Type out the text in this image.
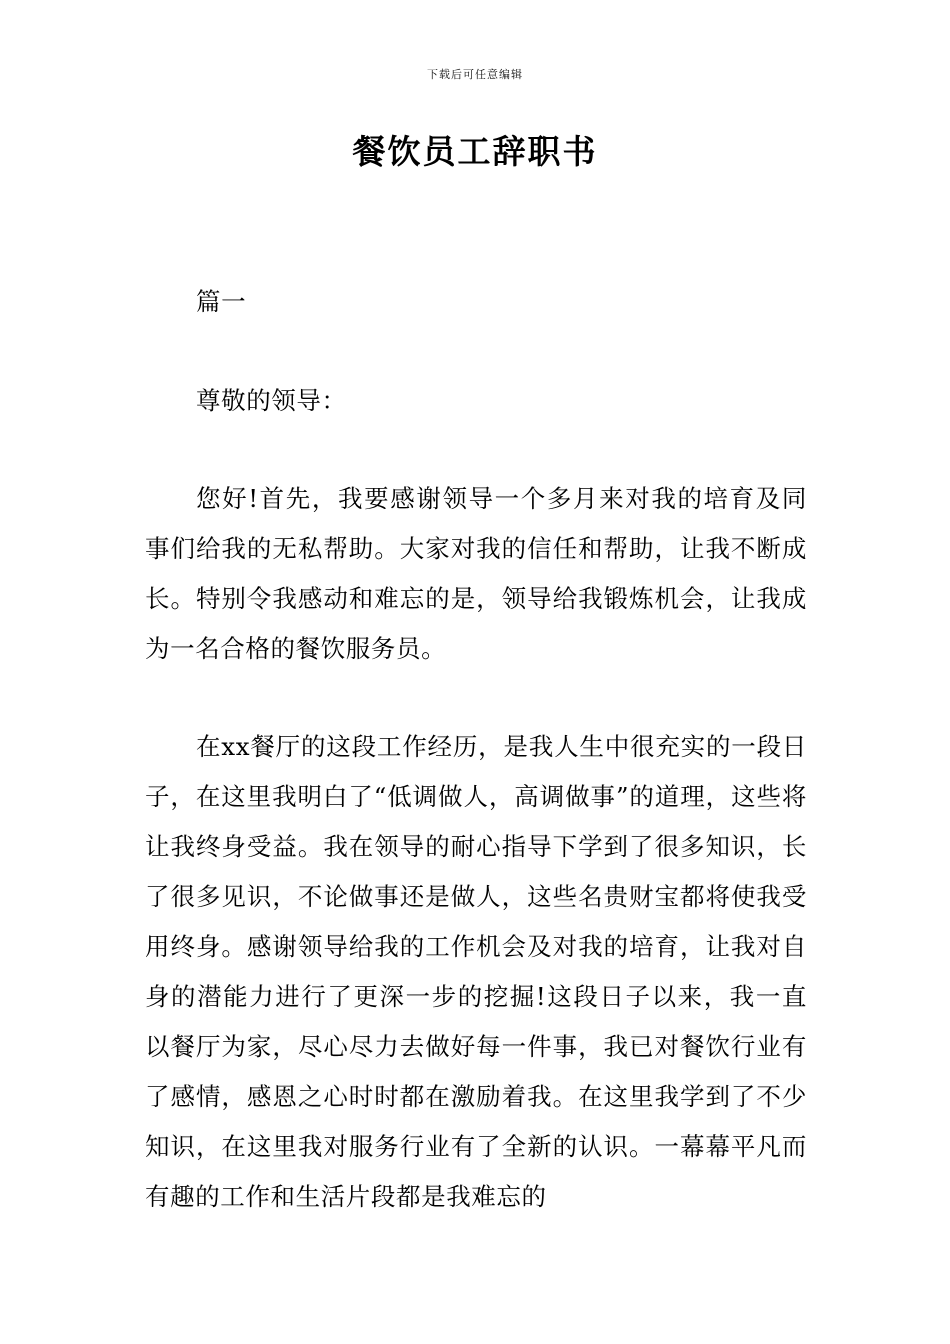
下载后可任意编辑
餐饮员工辞职书

篇一

尊敬的领导：

您好!首先，我要感谢领导一个多月来对我的培育及同事们给我的无私帮助。大家对我的信任和帮助，让我不断成长。特别令我感动和难忘的是，领导给我锻炼机会，让我成为一名合格的餐饮服务员。

在xx餐厅的这段工作经历，是我人生中很充实的一段日子，在这里我明白了“低调做人，高调做事”的道理，这些将让我终身受益。我在领导的耐心指导下学到了很多知识，长了很多见识，不论做事还是做人，这些名贵财宝都将使我受用终身。感谢领导给我的工作机会及对我的培育，让我对自身的潜能力进行了更深一步的挖掘!这段日子以来，我一直以餐厅为家，尽心尽力去做好每一件事，我已对餐饮行业有了感情，感恩之心时时都在激励着我。在这里我学到了不少知识，在这里我对服务行业有了全新的认识。一幕幕平凡而有趣的工作和生活片段都是我难忘的
